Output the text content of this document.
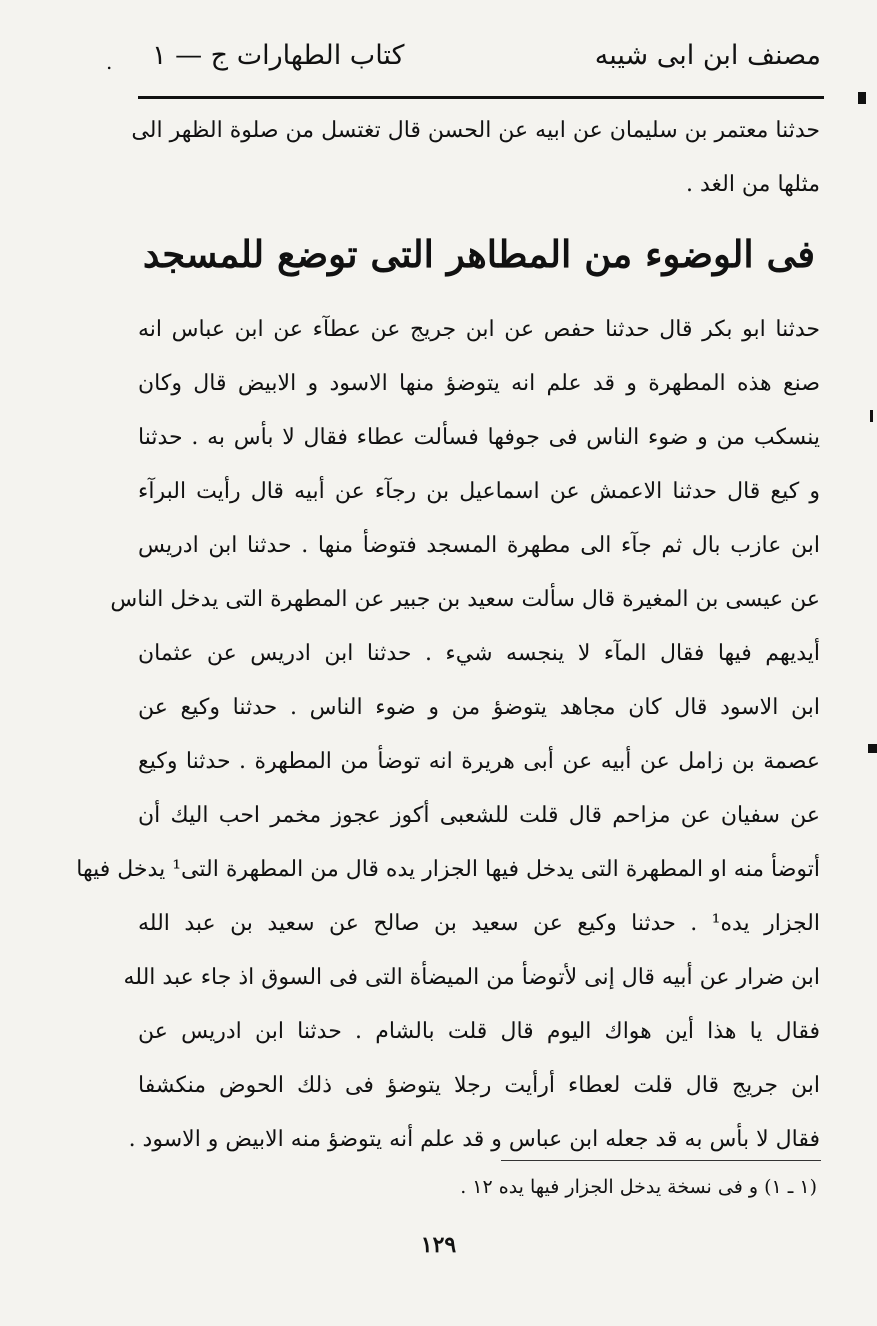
مصنف ابن ابى شيبه
كتاب الطهارات ج — ١
.
حدثنا معتمر بن سليمان عن ابيه عن الحسن قال تغتسل من صلوة الظهر الى
مثلها من الغد .
فى الوضوء من المطاهر التى توضع للمسجد
حدثنا ابو بكر قال حدثنا حفص عن ابن جريج عن عطآء عن ابن عباس انه
صنع هذه المطهرة و قد علم انه يتوضؤ منها الاسود و الابيض قال وكان
ينسكب من و ضوء الناس فى جوفها فسألت عطاء فقال لا بأس به . حدثنا
و كيع قال حدثنا الاعمش عن اسماعيل بن رجآء عن أبيه قال رأيت البرآء
ابن عازب بال ثم جآء الى مطهرة المسجد فتوضأ منها . حدثنا ابن ادريس
عن عيسى بن المغيرة قال سألت سعيد بن جبير عن المطهرة التى يدخل الناس
أيديهم فيها فقال المآء لا ينجسه شيء . حدثنا ابن ادريس عن عثمان
ابن الاسود قال كان مجاهد يتوضؤ من و ضوء الناس . حدثنا وكيع عن
عصمة بن زامل عن أبيه عن أبى هريرة انه توضأ من المطهرة . حدثنا وكيع
عن سفيان عن مزاحم قال قلت للشعبى أكوز عجوز مخمر احب اليك أن
أتوضأ منه او المطهرة التى يدخل فيها الجزار يده قال من المطهرة التى¹ يدخل فيها
الجزار يده¹ . حدثنا وكيع عن سعيد بن صالح عن سعيد بن عبد الله
ابن ضرار عن أبيه قال إنى لأتوضأ من الميضأة التى فى السوق اذ جاء عبد الله
فقال يا هذا أين هواك اليوم قال قلت بالشام . حدثنا ابن ادريس عن
ابن جريج قال قلت لعطاء أرأيت رجلا يتوضؤ فى ذلك الحوض منكشفا
فقال لا بأس به قد جعله ابن عباس و قد علم أنه يتوضؤ منه الابيض و الاسود .
(١ ـ ١) و فى نسخة يدخل الجزار فيها يده ١٢ .
١٢٩
